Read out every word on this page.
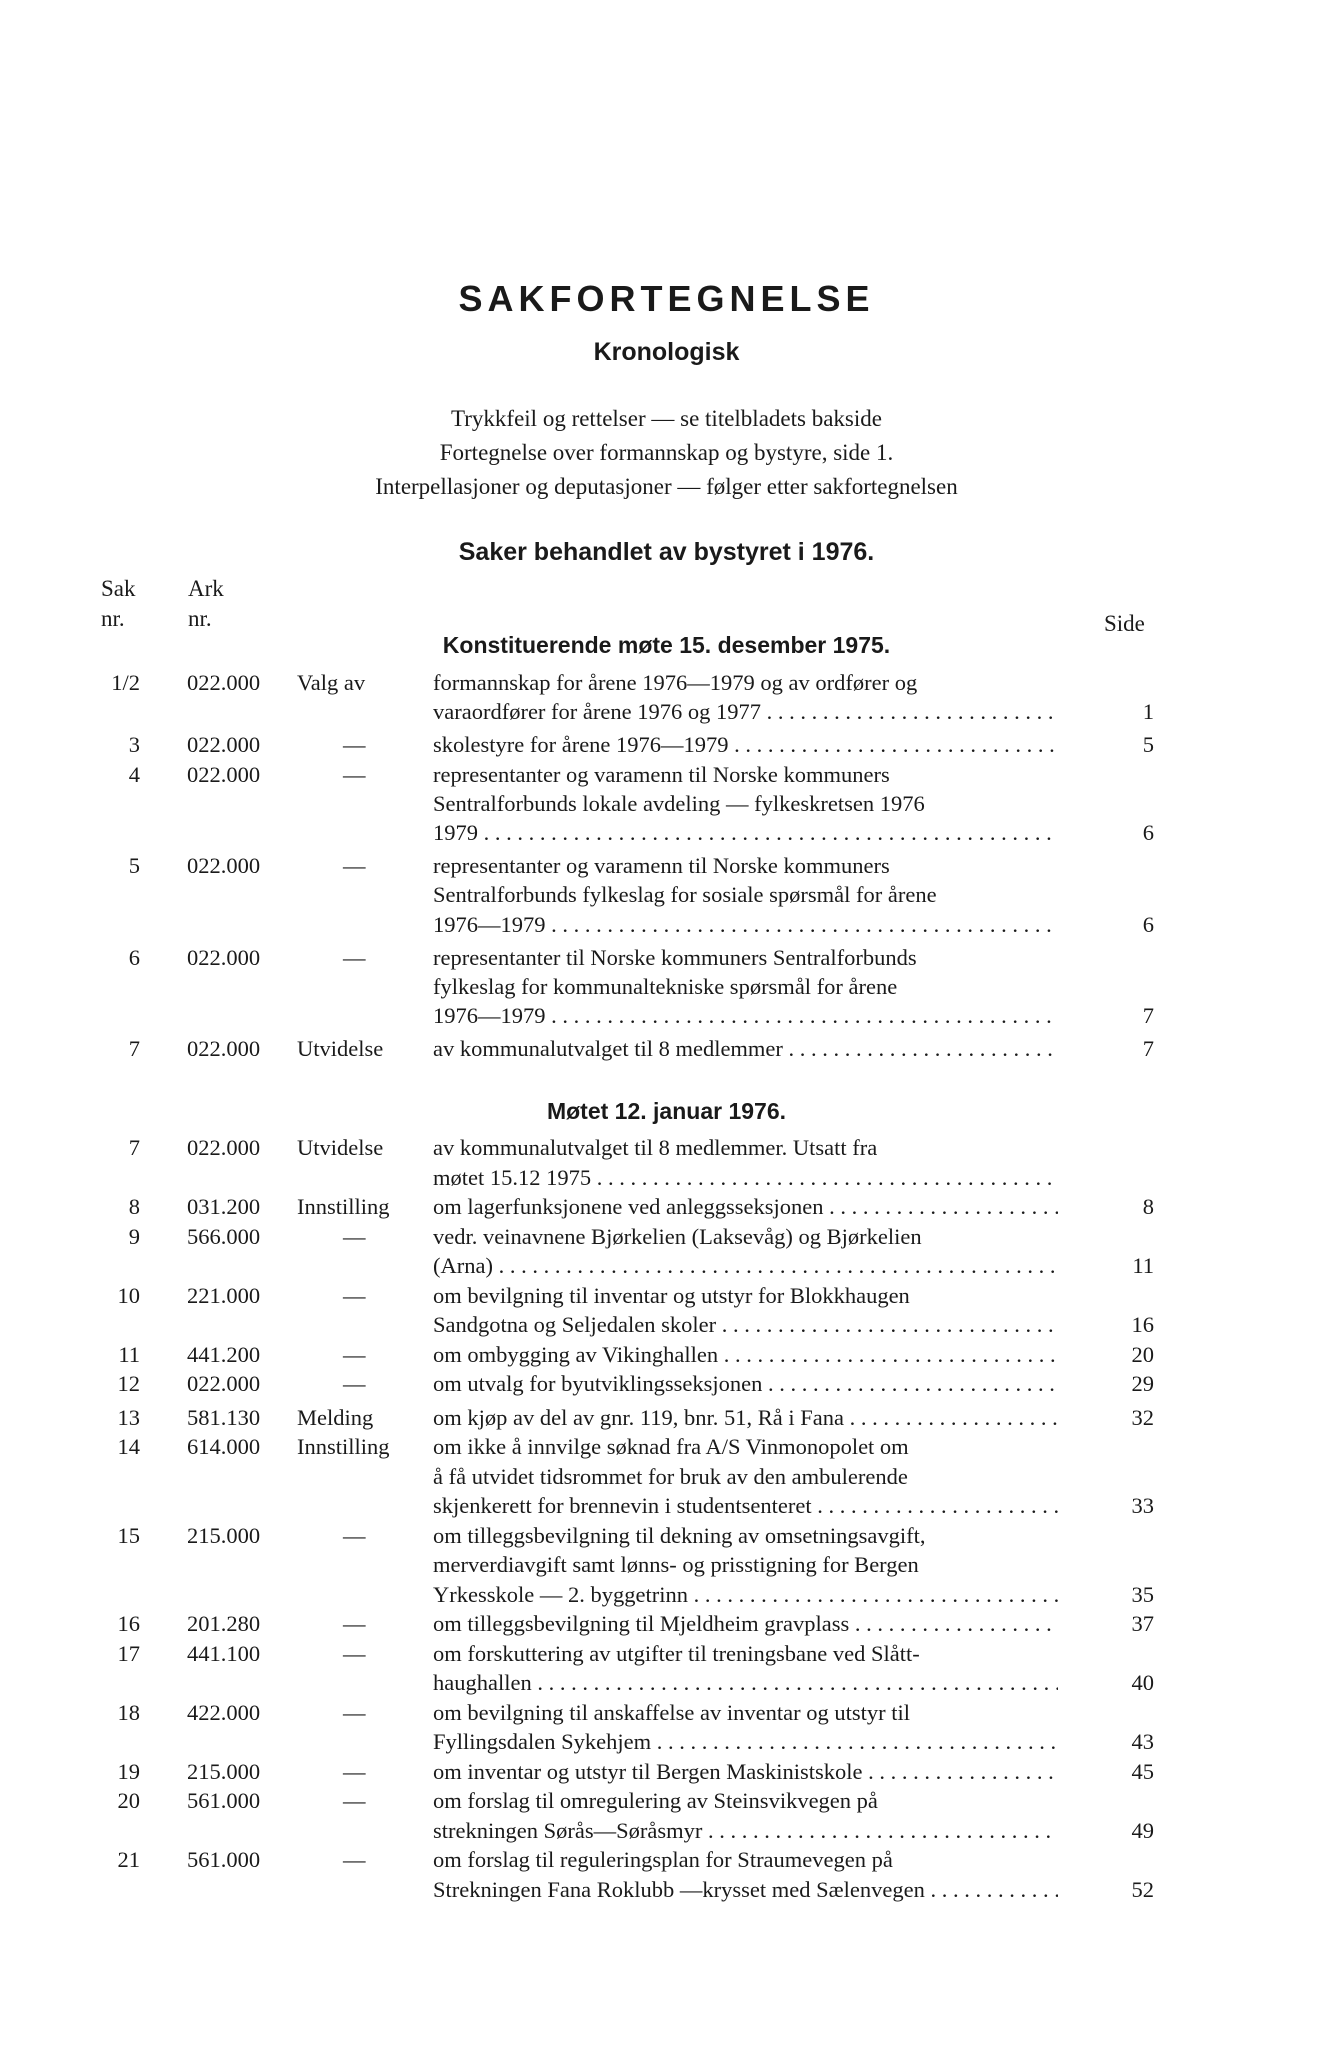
SAKFORTEGNELSE
Kronologisk
Trykkfeil og rettelser — se titelbladets bakside
Fortegnelse over formannskap og bystyre, side 1.
Interpellasjoner og deputasjoner — følger etter sakfortegnelsen
Saker behandlet av bystyret i 1976.
Sak
nr.
Ark
nr.	Side
Konstituerende møte 15. desember 1975.
1/2 022.000 Valg av	formannskap for årene 1976—1979 og av ordfører og
varaordfører for årene 1976 og 1977 . . .	1
3 022.000	—	skolestyre for årene 1976—1979 . . .	5
4 022.000	—	representanter og varamenn til Norske kommuners
Sentralforbunds lokale avdeling — fylkeskretsen 1976
1979 . . .	6
5 022.000	—	representanter og varamenn til Norske kommuners
Sentralforbunds fylkeslag for sosiale spørsmål for årene
1976—1979 . . .	6
6 022.000	—	representanter til Norske kommuners Sentralforbunds
fylkeslag for kommunaltekniske spørsmål for årene
1976—1979 . . .	7
7 022.000 Utvidelse av kommunalutvalget til 8 medlemmer . . .	7
Møtet 12. januar 1976.
7 022.000 Utvidelse av kommunalutvalget til 8 medlemmer. Utsatt fra
møtet 15.12 1975 . . .
8 031.200 Innstilling om lagerfunksjonene ved anleggsseksjonen . . .	8
9 566.000	—	vedr. veinavnene Bjørkelien (Laksevåg) og Bjørkelien
(Arna) . . .	11
10 221.000	—	om bevilgning til inventar og utstyr for Blokkhaugen
Sandgotna og Seljedalen skoler . . .	16
11 441.200	—	om ombygging av Vikinghallen . . .	20
12 022.000	—	om utvalg for byutviklingsseksjonen . . .	29
13 581.130 Melding	om kjøp av del av gnr. 119, bnr. 51, Rå i Fana . . .	32
14 614.000 Innstilling om ikke å innvilge søknad fra A/S Vinmonopolet om
å få utvidet tidsrommet for bruk av den ambulerende
skjenkerett for brennevin i studentsenteret . . .	33
15 215.000	—	om tilleggsbevilgning til dekning av omsetningsavgift,
merverdiavgift samt lønns- og prisstigning for Bergen
Yrkesskole — 2. byggetrinn . . .	35
16 201.280	—	om tilleggsbevilgning til Mjeldheim gravplass . . .	37
17 441.100	—	om forskuttering av utgifter til treningsbane ved Slått-
haughallen . . .	40
18 422.000	—	om bevilgning til anskaffelse av inventar og utstyr til
Fyllingsdalen Sykehjem . . .	43
19 215.000	—	om inventar og utstyr til Bergen Maskinistskole . . .	45
20 561.000	—	om forslag til omregulering av Steinsvikvegen på
strekningen Sørås—Søråsmyr . . .	49
21 561.000	—	om forslag til reguleringsplan for Straumevegen på
Strekningen Fana Roklubb —krysset med Sælenvegen . . .	52
